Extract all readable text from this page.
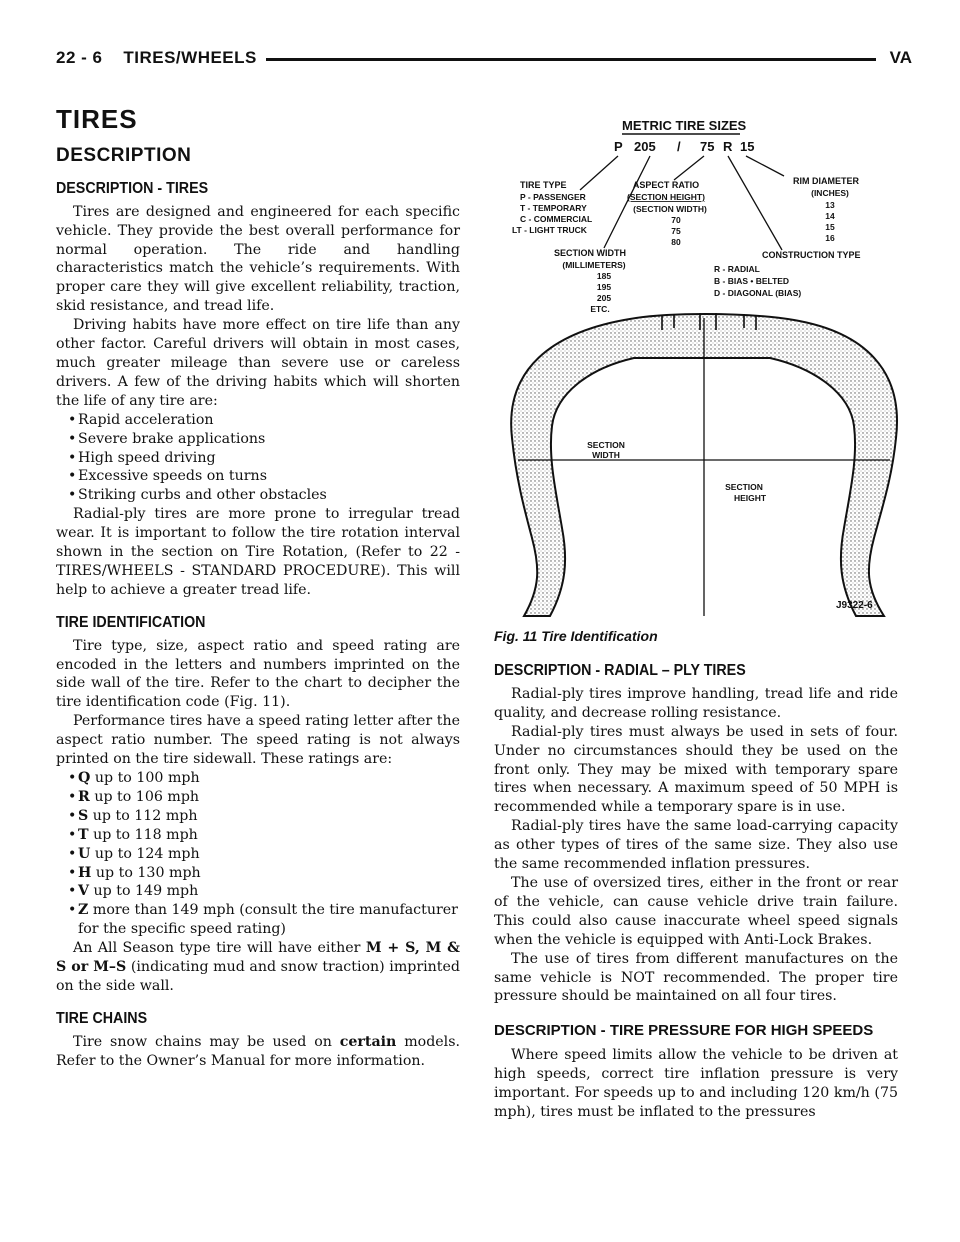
22 - 6    TIRES/WHEELS	VA
TIRES
DESCRIPTION
DESCRIPTION - TIRES

Tires are designed and engineered for each specific vehicle. They provide the best overall performance for normal operation. The ride and handling characteristics match the vehicle’s requirements. With proper care they will give excellent reliability, traction, skid resistance, and tread life.

Driving habits have more effect on tire life than any other factor. Careful drivers will obtain in most cases, much greater mileage than severe use or careless drivers. A few of the driving habits which will shorten the life of any tire are:

• Rapid acceleration
• Severe brake applications
• High speed driving
• Excessive speeds on turns
• Striking curbs and other obstacles

Radial-ply tires are more prone to irregular tread wear. It is important to follow the tire rotation interval shown in the section on Tire Rotation, (Refer to 22 - TIRES/WHEELS - STANDARD PROCEDURE). This will help to achieve a greater tread life.

TIRE IDENTIFICATION

Tire type, size, aspect ratio and speed rating are encoded in the letters and numbers imprinted on the side wall of the tire. Refer to the chart to decipher the tire identification code (Fig. 11).

Performance tires have a speed rating letter after the aspect ratio number. The speed rating is not always printed on the tire sidewall. These ratings are:

• Q up to 100 mph
• R up to 106 mph
• S up to 112 mph
• T up to 118 mph
• U up to 124 mph
• H up to 130 mph
• V up to 149 mph
• Z more than 149 mph (consult the tire manufacturer for the specific speed rating)

An All Season type tire will have either M + S, M & S or M–S (indicating mud and snow traction) imprinted on the side wall.

TIRE CHAINS

Tire snow chains may be used on certain models. Refer to the Owner’s Manual for more information.

METRIC TIRE SIZES
P 205 / 75 R 15
TIRE TYPE
P - PASSENGER
T - TEMPORARY
C - COMMERCIAL
LT - LIGHT TRUCK
ASPECT RATIO
(SECTION HEIGHT)
(SECTION WIDTH)
70
75
80
RIM DIAMETER
(INCHES)
13
14
15
16
SECTION WIDTH
(MILLIMETERS)
185
195
205
ETC.
CONSTRUCTION TYPE
R - RADIAL
B - BIAS • BELTED
D - DIAGONAL (BIAS)
SECTION
WIDTH
SECTION
HEIGHT
J9322-6
Fig. 11 Tire Identification
DESCRIPTION - RADIAL – PLY TIRES

Radial-ply tires improve handling, tread life and ride quality, and decrease rolling resistance.

Radial-ply tires must always be used in sets of four. Under no circumstances should they be used on the front only. They may be mixed with temporary spare tires when necessary. A maximum speed of 50 MPH is recommended while a temporary spare is in use.

Radial-ply tires have the same load-carrying capacity as other types of tires of the same size. They also use the same recommended inflation pressures.

The use of oversized tires, either in the front or rear of the vehicle, can cause vehicle drive train failure. This could also cause inaccurate wheel speed signals when the vehicle is equipped with Anti-Lock Brakes.

The use of tires from different manufactures on the same vehicle is NOT recommended. The proper tire pressure should be maintained on all four tires.

DESCRIPTION - TIRE PRESSURE FOR HIGH SPEEDS

Where speed limits allow the vehicle to be driven at high speeds, correct tire inflation pressure is very important. For speeds up to and including 120 km/h (75 mph), tires must be inflated to the pressures
